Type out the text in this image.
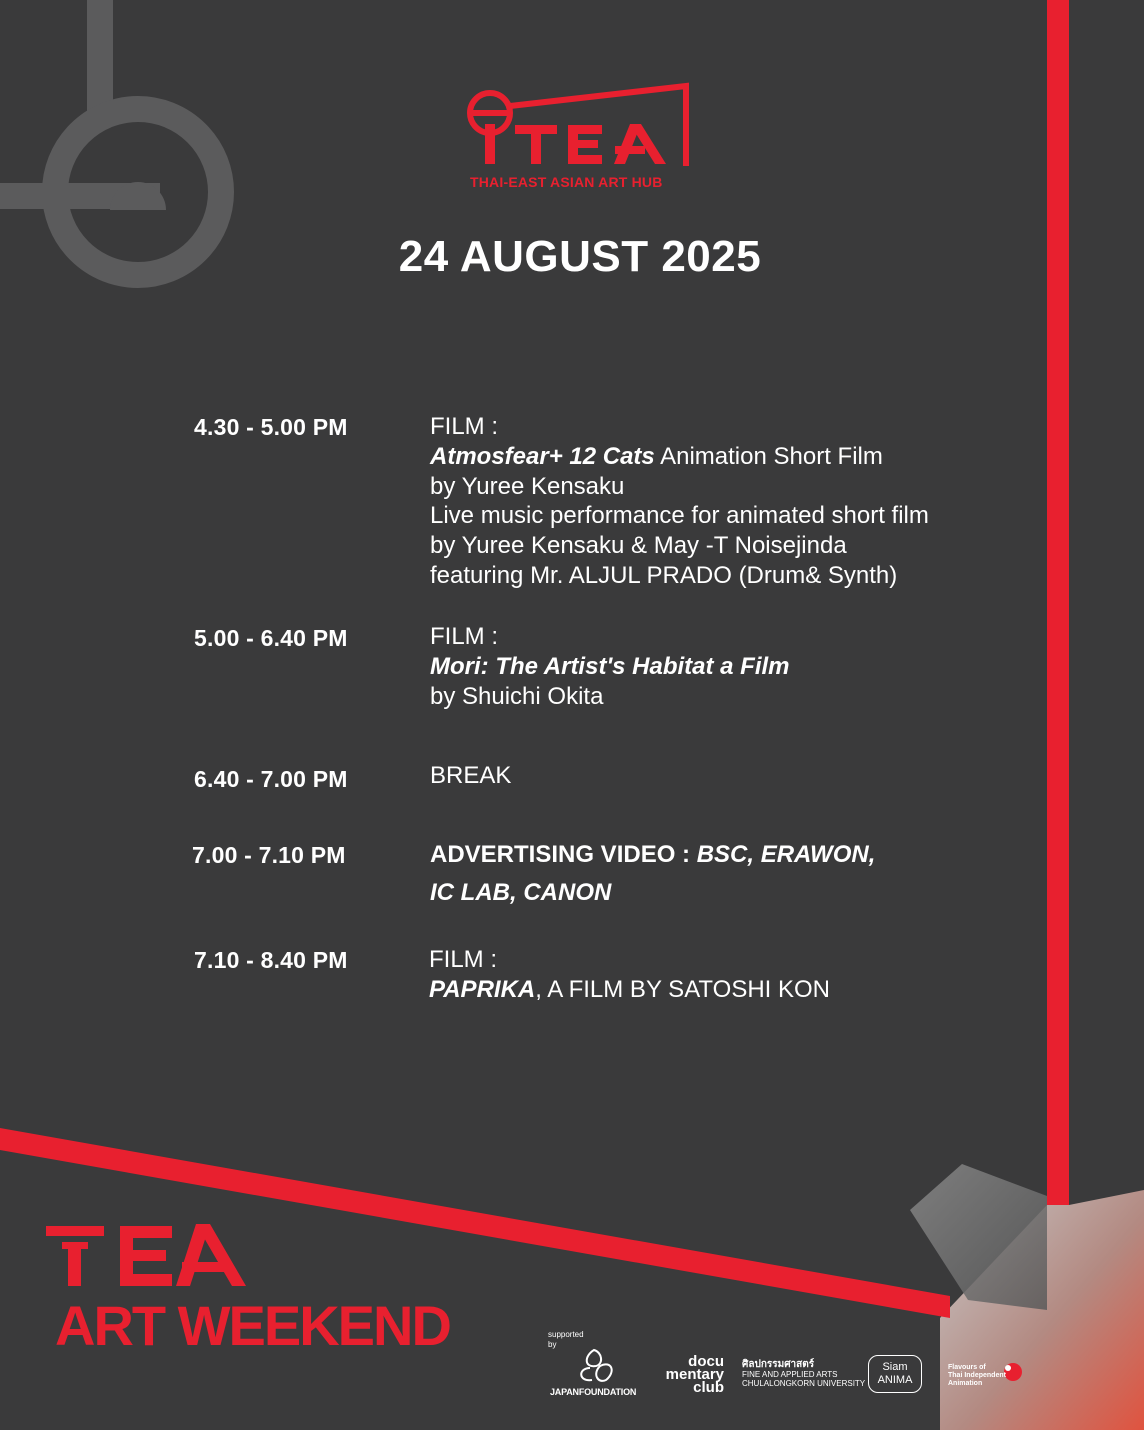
THAI-EAST ASIAN ART HUB
24 AUGUST 2025
4.30 - 5.00 PM	FILM :
Atmosfear+ 12 Cats Animation Short Film
by Yuree Kensaku
Live music performance for animated short film
by Yuree Kensaku & May -T Noisejinda
featuring Mr. ALJUL PRADO (Drum& Synth)
5.00 - 6.40 PM	FILM :
Mori: The Artist's Habitat a Film
by Shuichi Okita
6.40 - 7.00 PM	BREAK
7.00 - 7.10 PM	ADVERTISING VIDEO : BSC, ERAWON,
IC LAB, CANON
7.10 - 8.40 PM	FILM :
PAPRIKA, A FILM BY SATOSHI KON
ART WEEKEND	supported by
JAPANFOUNDATION
docu
mentary
club
ศิลปกรรมศาสตร์
FINE AND APPLIED ARTS
CHULALONGKORN UNIVERSITY
Siam
ANIMA
Flavours of
Thai Independent
Animation
